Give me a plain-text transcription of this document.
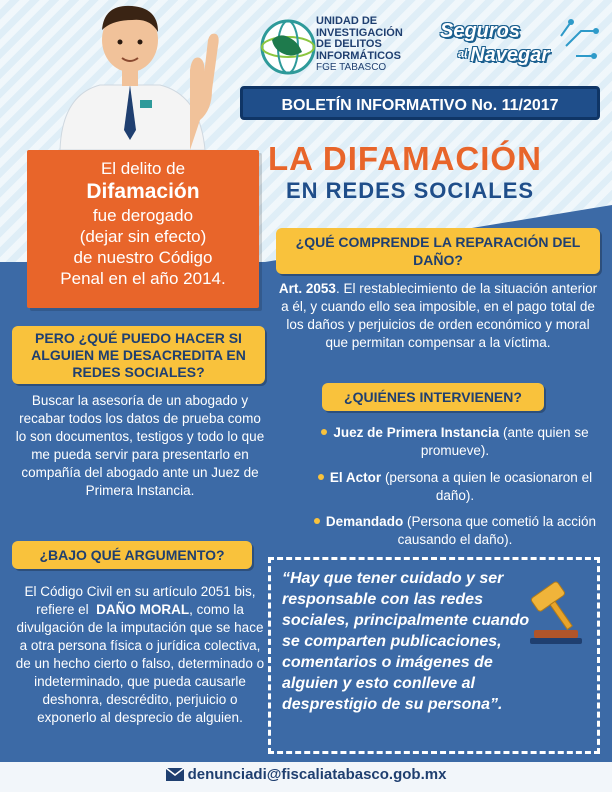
UNIDAD DE
INVESTIGACIÓN
DE DELITOS
INFORMÁTICOS
FGE TABASCO
Seguros
$^{al}$ Navegar
BOLETÍN INFORMATIVO No. 11/2017
LA DIFAMACIÓN
EN REDES SOCIALES
El delito de
Difamación
fue derogado
(dejar sin efecto)
de nuestro Código
Penal en el año 2014.
PERO ¿QUÉ PUEDO HACER SI ALGUIEN ME DESACREDITA EN REDES SOCIALES?
Buscar la asesoría de un abogado y recabar todos los datos de prueba como lo son documentos, testigos y todo lo que me pueda servir para presentarlo en compañía del abogado ante un Juez de Primera Instancia.
¿BAJO QUÉ ARGUMENTO?
El Código Civil en su artículo 2051 bis, refiere el DAÑO MORAL, como la divulgación de la imputación que se hace a otra persona física o jurídica colectiva, de un hecho cierto o falso, determinado o indeterminado, que pueda causarle deshonra, descrédito, perjuicio o exponerlo al desprecio de alguien.
¿QUÉ COMPRENDE LA REPARACIÓN DEL DAÑO?
Art. 2053. El restablecimiento de la situación anterior a él, y cuando ello sea imposible, en el pago total de los daños y perjuicios de orden económico y moral que permitan compensar a la víctima.
¿QUIÉNES INTERVIENEN?
Juez de Primera Instancia (ante quien se promueve).
El Actor (persona a quien le ocasionaron el daño).
Demandado (Persona que cometió la acción causando el daño).
“Hay que tener cuidado y ser responsable con las redes sociales, principalmente cuando se comparten publicaciones, comentarios o imágenes de alguien y esto conlleve al desprestigio de su persona”.
denunciadi@fiscaliatabasco.gob.mx
